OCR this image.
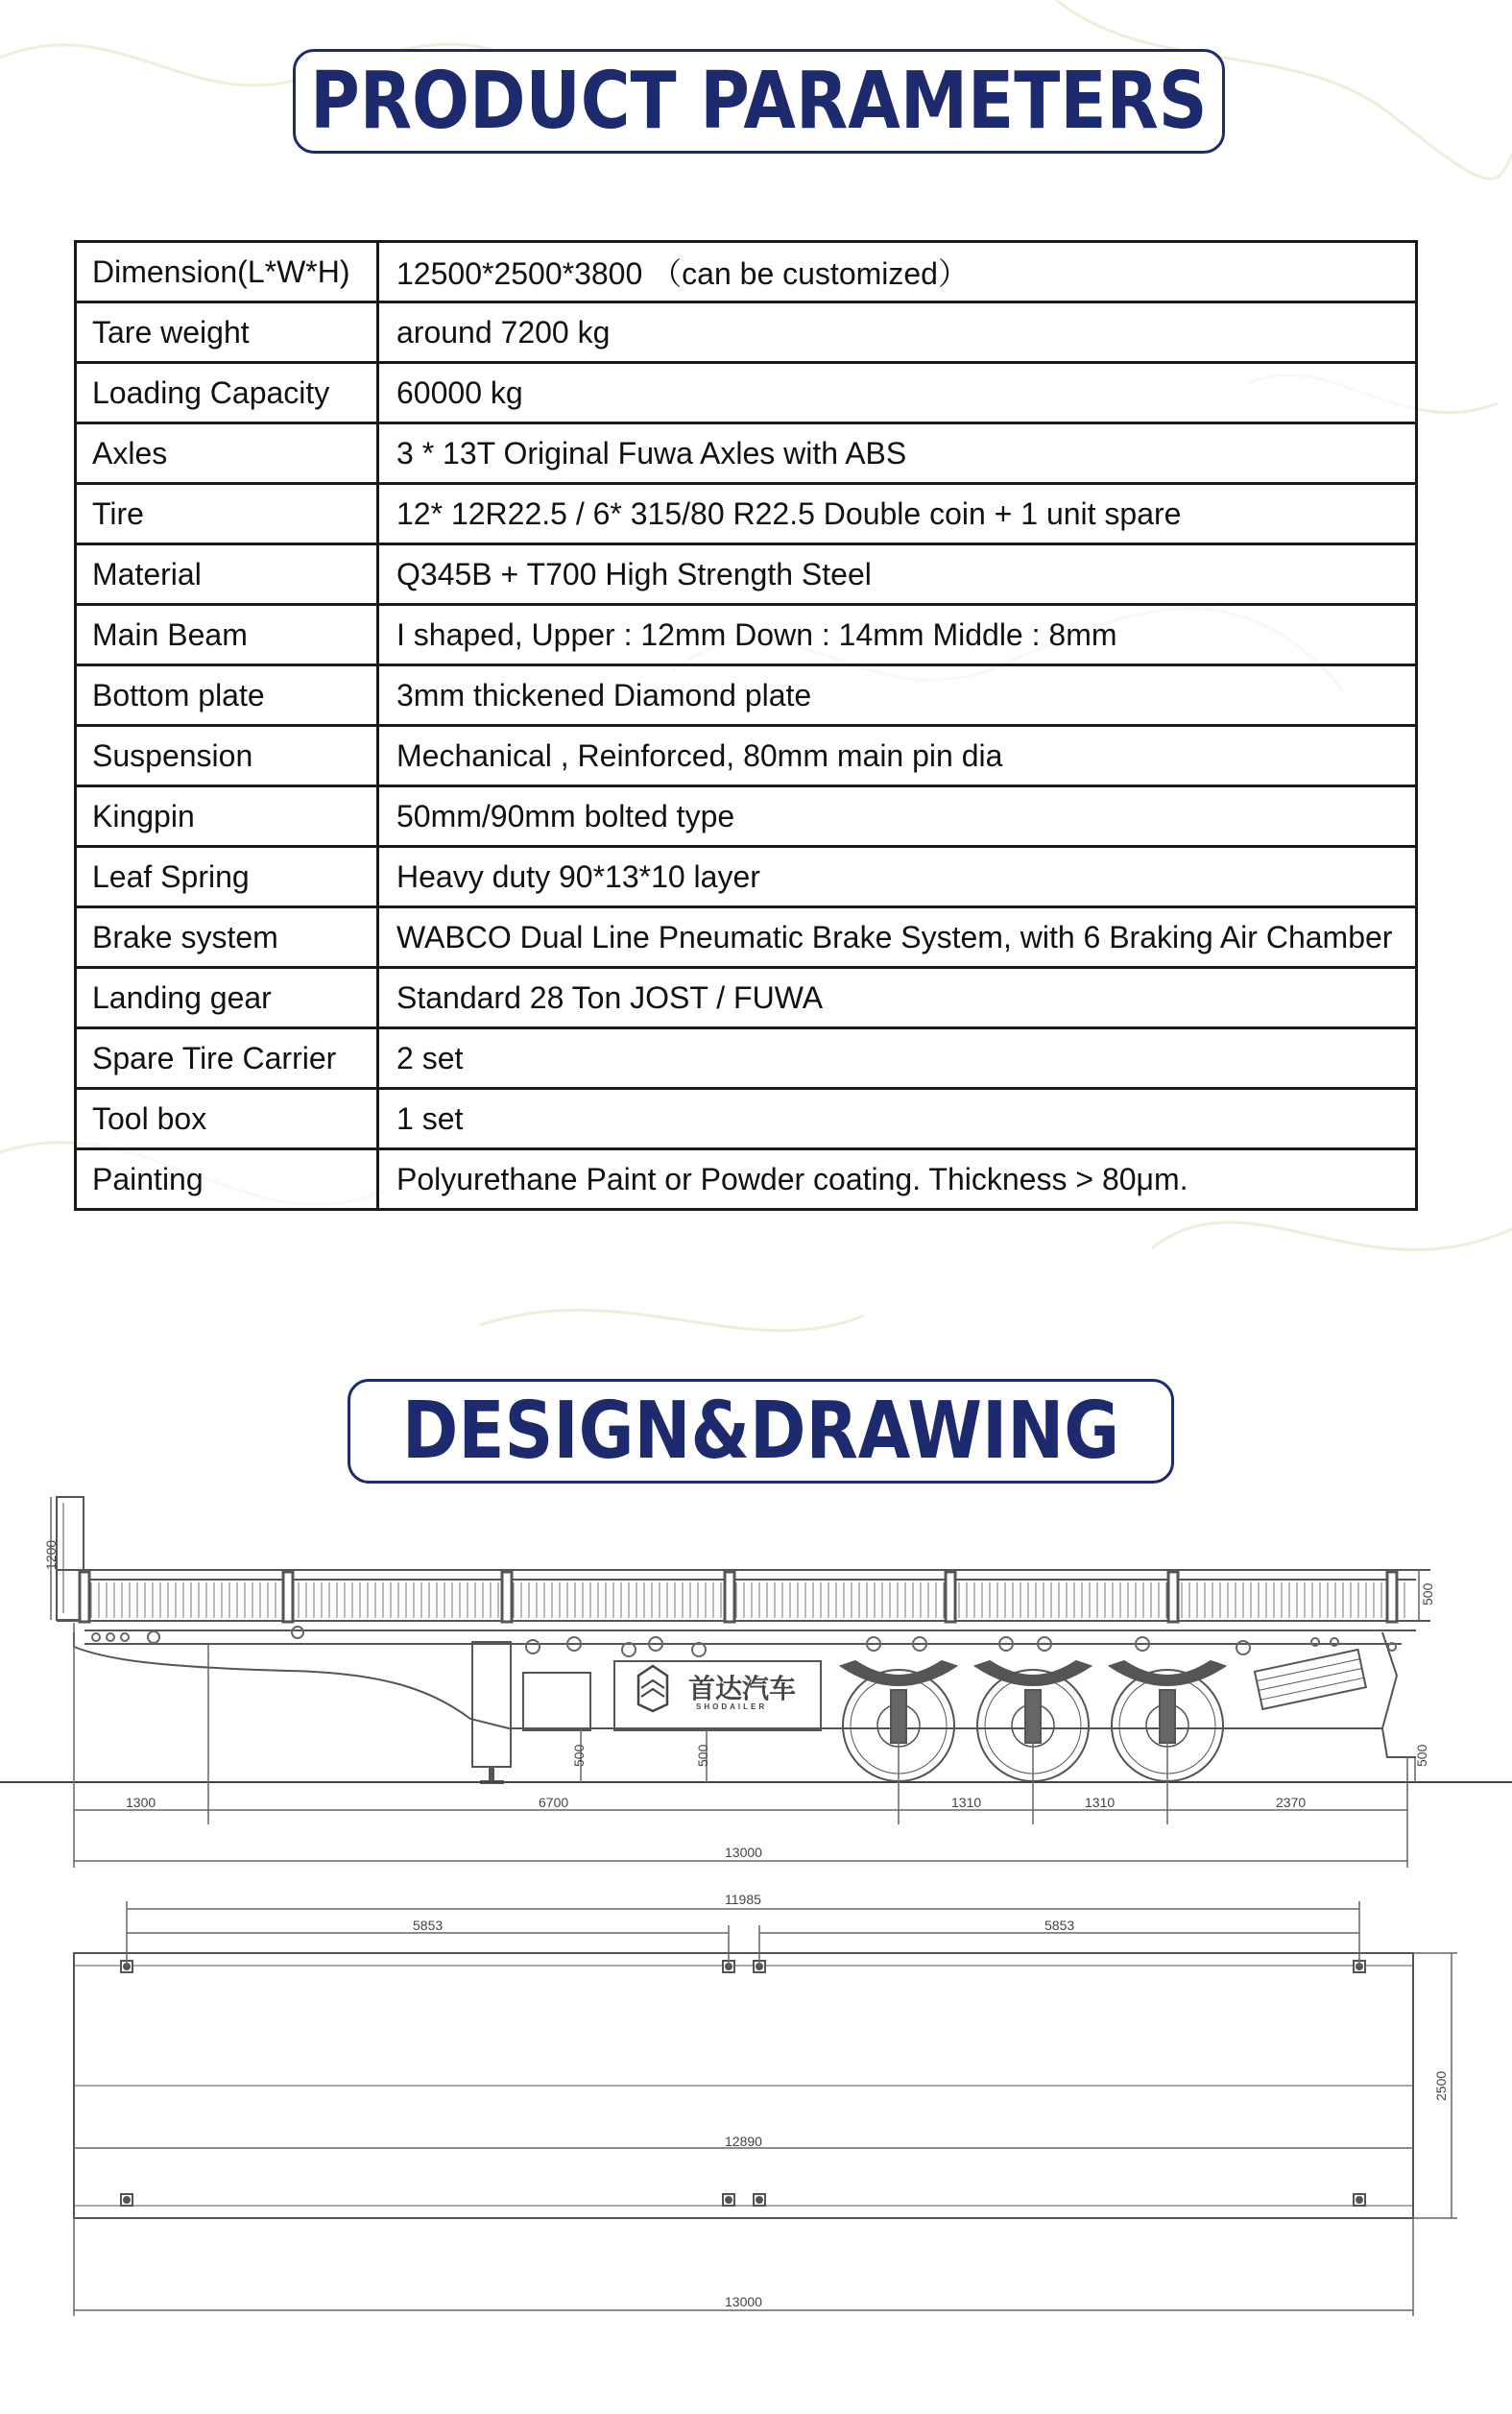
PRODUCT PARAMETERS
Dimension(L*W*H)	12500*2500*3800 （can be customized）
Tare weight	around 7200 kg
Loading Capacity	60000 kg
Axles	3 * 13T Original Fuwa Axles with ABS
Tire	12* 12R22.5 / 6* 315/80 R22.5 Double coin + 1 unit spare
Material	Q345B + T700 High Strength Steel
Main Beam	I shaped, Upper : 12mm Down : 14mm Middle : 8mm
Bottom plate	3mm thickened Diamond plate
Suspension	Mechanical , Reinforced, 80mm main pin dia
Kingpin	50mm/90mm bolted type
Leaf Spring	Heavy duty 90*13*10 layer
Brake system	WABCO Dual Line Pneumatic Brake System, with 6 Braking Air Chamber
Landing gear	Standard 28 Ton JOST / FUWA
Spare Tire Carrier	2 set
Tool box	1 set
Painting	Polyurethane Paint or Powder coating. Thickness > 80μm.
DESIGN&DRAWING
首达汽车
SHODAILER
1200
500
500	500	500
1300	6700	1310	1310	2370
13000
11985
5853	5853
12890
2500
13000
